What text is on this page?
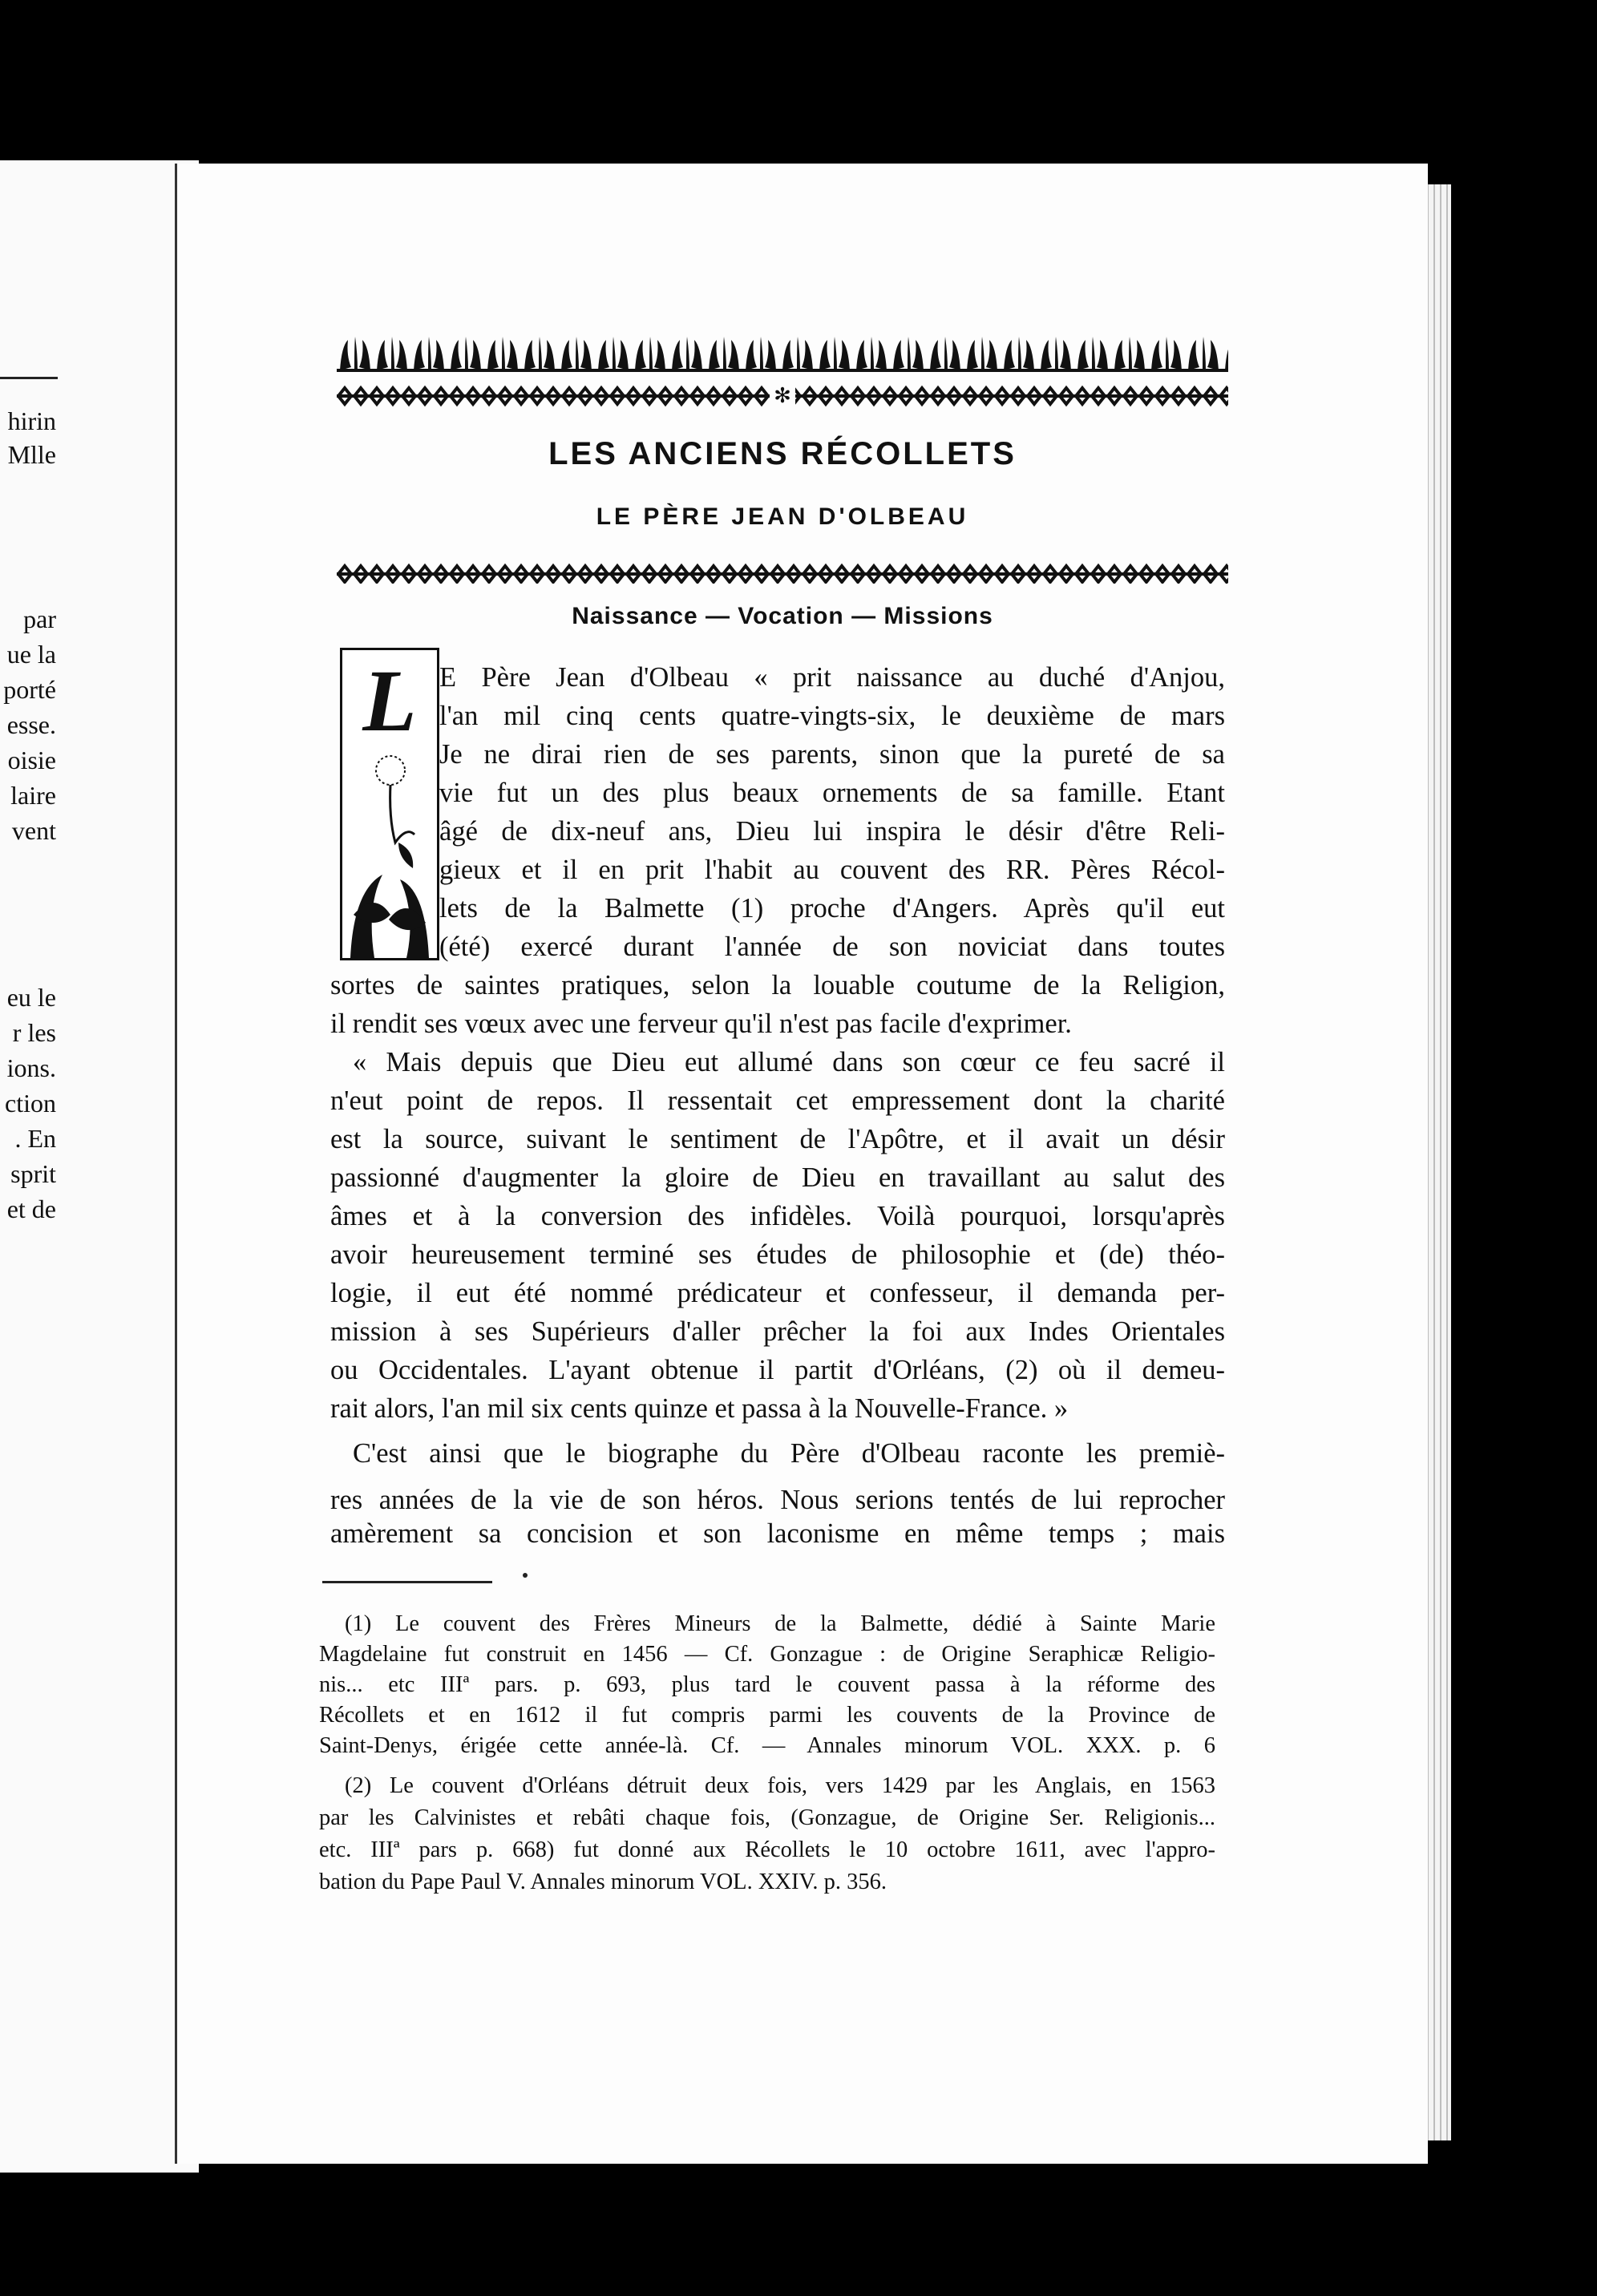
hirin
Mlle
par
ue la
porté
esse.
oisie
laire
vent
eu le
r les
ions.
ction
. En
sprit
et de
✻
LES ANCIENS RÉCOLLETS
LE PÈRE JEAN D'OLBEAU
Naissance — Vocation — Missions
L E Père Jean d'Olbeau « prit naissance au duché d'Anjou,
l'an mil cinq cents quatre-vingts-six, le deuxième de mars
Je ne dirai rien de ses parents, sinon que la pureté de sa
vie fut un des plus beaux ornements de sa famille. Etant
âgé de dix-neuf ans, Dieu lui inspira le désir d'être Reli-
gieux et il en prit l'habit au couvent des RR. Pères Récol-
lets de la Balmette (1) proche d'Angers. Après qu'il eut
(été) exercé durant l'année de son noviciat dans toutes
sortes de saintes pratiques, selon la louable coutume de la Religion,
il rendit ses vœux avec une ferveur qu'il n'est pas facile d'exprimer.
« Mais depuis que Dieu eut allumé dans son cœur ce feu sacré il
n'eut point de repos. Il ressentait cet empressement dont la charité
est la source, suivant le sentiment de l'Apôtre, et il avait un désir
passionné d'augmenter la gloire de Dieu en travaillant au salut des
âmes et à la conversion des infidèles. Voilà pourquoi, lorsqu'après
avoir heureusement terminé ses études de philosophie et (de) théo-
logie, il eut été nommé prédicateur et confesseur, il demanda per-
mission à ses Supérieurs d'aller prêcher la foi aux Indes Orientales
ou Occidentales. L'ayant obtenue il partit d'Orléans, (2) où il demeu-
rait alors, l'an mil six cents quinze et passa à la Nouvelle-France. »
C'est ainsi que le biographe du Père d'Olbeau raconte les premiè-
res années de la vie de son héros. Nous serions tentés de lui reprocher
amèrement sa concision et son laconisme en même temps ; mais
(1) Le couvent des Frères Mineurs de la Balmette, dédié à Sainte Marie
Magdelaine fut construit en 1456 — Cf. Gonzague : de Origine Seraphicæ Religio-
nis... etc IIIª pars. p. 693, plus tard le couvent passa à la réforme des
Récollets et en 1612 il fut compris parmi les couvents de la Province de
Saint-Denys, érigée cette année-là. Cf. — Annales minorum VOL. XXX. p. 6
(2) Le couvent d'Orléans détruit deux fois, vers 1429 par les Anglais, en 1563
par les Calvinistes et rebâti chaque fois, (Gonzague, de Origine Ser. Religionis...
etc. IIIª pars p. 668) fut donné aux Récollets le 10 octobre 1611, avec l'appro-
bation du Pape Paul V. Annales minorum VOL. XXIV. p. 356.
